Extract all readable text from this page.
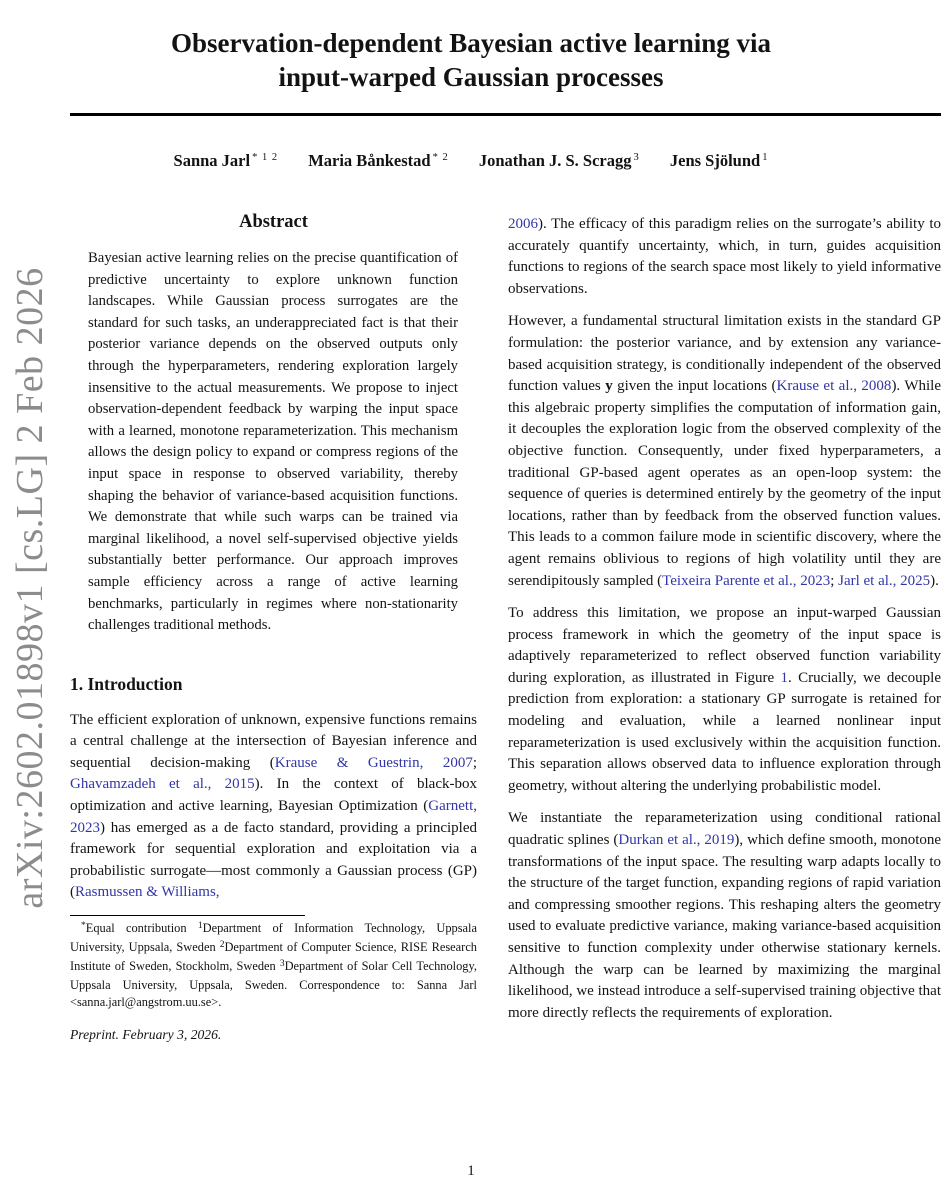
arXiv:2602.01898v1 [cs.LG] 2 Feb 2026
Observation-dependent Bayesian active learning via
input-warped Gaussian processes
Sanna Jarl $^{* 1 2}$ Maria Bånkestad $^{* 2}$ Jonathan J. S. Scragg $^3$ Jens Sjölund $^1$
Abstract
Bayesian active learning relies on the precise quantification of predictive uncertainty to explore unknown function landscapes. While Gaussian process surrogates are the standard for such tasks, an underappreciated fact is that their posterior variance depends on the observed outputs only through the hyperparameters, rendering exploration largely insensitive to the actual measurements. We propose to inject observation-dependent feedback by warping the input space with a learned, monotone reparameterization. This mechanism allows the design policy to expand or compress regions of the input space in response to observed variability, thereby shaping the behavior of variance-based acquisition functions. We demonstrate that while such warps can be trained via marginal likelihood, a novel self-supervised objective yields substantially better performance. Our approach improves sample efficiency across a range of active learning benchmarks, particularly in regimes where non-stationarity challenges traditional methods.
1. Introduction
The efficient exploration of unknown, expensive functions remains a central challenge at the intersection of Bayesian inference and sequential decision-making (Krause & Guestrin, 2007; Ghavamzadeh et al., 2015). In the context of black-box optimization and active learning, Bayesian Optimization (Garnett, 2023) has emerged as a de facto standard, providing a principled framework for sequential exploration and exploitation via a probabilistic surrogate—most commonly a Gaussian process (GP) (Rasmussen & Williams,
*Equal contribution $^1$Department of Information Technology, Uppsala University, Uppsala, Sweden $^2$Department of Computer Science, RISE Research Institute of Sweden, Stockholm, Sweden $^3$Department of Solar Cell Technology, Uppsala University, Uppsala, Sweden. Correspondence to: Sanna Jarl <sanna.jarl@angstrom.uu.se>.
Preprint. February 3, 2026.
2006). The efficacy of this paradigm relies on the surrogate’s ability to accurately quantify uncertainty, which, in turn, guides acquisition functions to regions of the search space most likely to yield informative observations.
However, a fundamental structural limitation exists in the standard GP formulation: the posterior variance, and by extension any variance-based acquisition strategy, is conditionally independent of the observed function values y given the input locations (Krause et al., 2008). While this algebraic property simplifies the computation of information gain, it decouples the exploration logic from the observed complexity of the objective function. Consequently, under fixed hyperparameters, a traditional GP-based agent operates as an open-loop system: the sequence of queries is determined entirely by the geometry of the input locations, rather than by feedback from the observed function values. This leads to a common failure mode in scientific discovery, where the agent remains oblivious to regions of high volatility until they are serendipitously sampled (Teixeira Parente et al., 2023; Jarl et al., 2025).
To address this limitation, we propose an input-warped Gaussian process framework in which the geometry of the input space is adaptively reparameterized to reflect observed function variability during exploration, as illustrated in Figure 1. Crucially, we decouple prediction from exploration: a stationary GP surrogate is retained for modeling and evaluation, while a learned nonlinear input reparameterization is used exclusively within the acquisition function. This separation allows observed data to influence exploration through geometry, without altering the underlying probabilistic model.
We instantiate the reparameterization using conditional rational quadratic splines (Durkan et al., 2019), which define smooth, monotone transformations of the input space. The resulting warp adapts locally to the structure of the target function, expanding regions of rapid variation and compressing smoother regions. This reshaping alters the geometry used to evaluate predictive variance, making variance-based acquisition sensitive to function complexity under otherwise stationary kernels. Although the warp can be learned by maximizing the marginal likelihood, we instead introduce a self-supervised training objective that more directly reflects the requirements of exploration.
1
